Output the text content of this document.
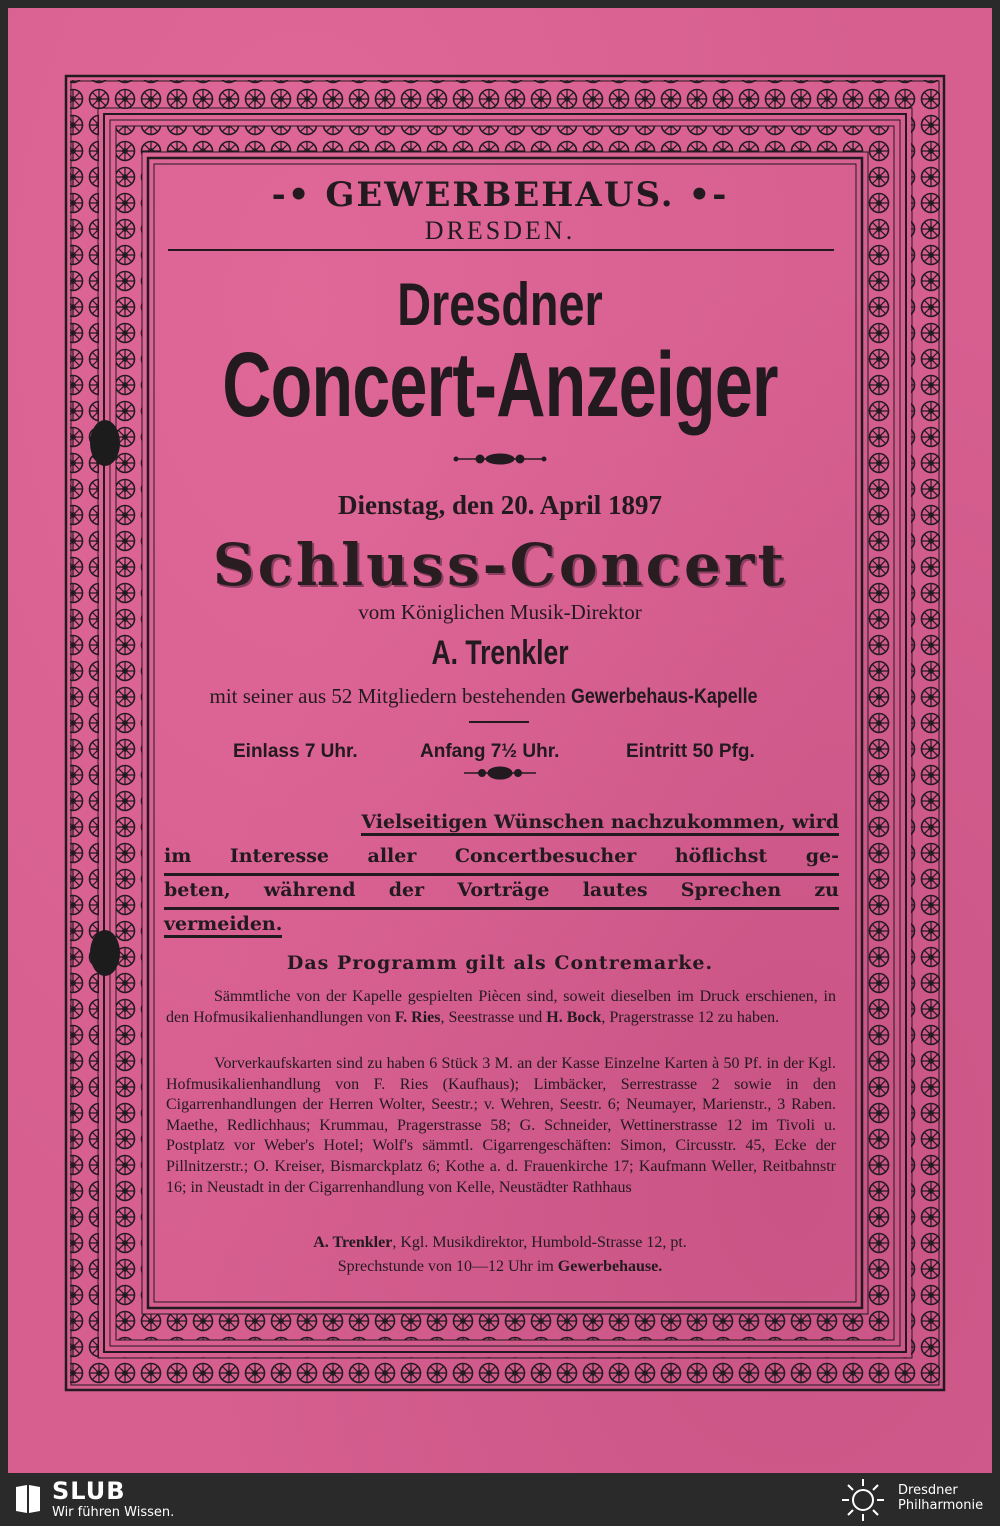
-• GEWERBEHAUS. •-
DRESDEN.
Dresdner
Concert-Anzeiger
Dienstag, den 20. April 1897
Schluss-Concert
vom Königlichen Musik-Direktor
A. Trenkler
mit seiner aus 52 Mitgliedern bestehenden Gewerbehaus-Kapelle
Einlass 7 Uhr.	Anfang 7½ Uhr.	Eintritt 50 Pfg.
Vielseitigen Wünschen nachzukommen, wird
im Interesse aller Concertbesucher höflichst ge-
beten, während der Vorträge lautes Sprechen zu
vermeiden.
Das Programm gilt als Contremarke.
Sämmtliche von der Kapelle gespielten Piècen sind, soweit dieselben im Druck erschienen, in den Hofmusikalienhandlungen von F. Ries, Seestrasse und H. Bock, Pragerstrasse 12 zu haben.
Vorverkaufskarten sind zu haben 6 Stück 3 M. an der Kasse Einzelne Karten à 50 Pf. in der Kgl. Hofmusikalienhandlung von F. Ries (Kaufhaus); Limbäcker, Serrestrasse 2 sowie in den Cigarrenhandlungen der Herren Wolter, Seestr.; v. Wehren, Seestr. 6; Neumayer, Marienstr., 3 Raben. Maethe, Redlichhaus; Krummau, Pragerstrasse 58; G. Schneider, Wettinerstrasse 12 im Tivoli u. Postplatz vor Weber's Hotel; Wolf's sämmtl. Cigarrengeschäften: Simon, Circusstr. 45, Ecke der Pillnitzerstr.; O. Kreiser, Bismarckplatz 6; Kothe a. d. Frauenkirche 17; Kaufmann Weller, Reitbahnstr 16; in Neustadt in der Cigarrenhandlung von Kelle, Neustädter Rathhaus
A. Trenkler, Kgl. Musikdirektor, Humbold-Strasse 12, pt.
Sprechstunde von 10—12 Uhr im Gewerbehause.
SLUB
Wir führen Wissen.
Dresdner
Philharmonie
